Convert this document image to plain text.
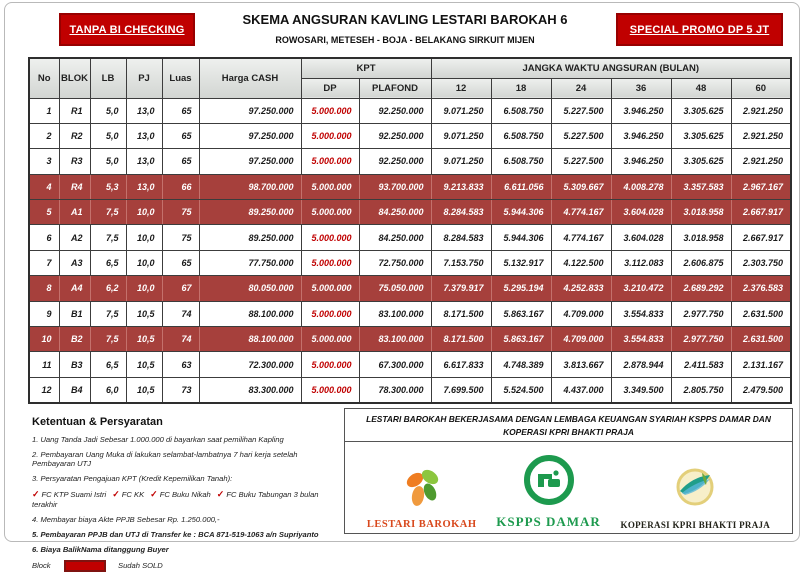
TANPA BI CHECKING
SKEMA ANGSURAN KAVLING LESTARI BAROKAH 6
ROWOSARI, METESEH - BOJA - BELAKANG SIRKUIT MIJEN
SPECIAL PROMO DP 5 JT
No	BLOK	LB	PJ	Luas	Harga CASH	KPT		JANGKA WAKTU ANGSURAN (BULAN)					
						DP	PLAFOND	12	18	24	36	48	60
1	R1	5,0	13,0	65	97.250.000	5.000.000	92.250.000	9.071.250	6.508.750	5.227.500	3.946.250	3.305.625	2.921.250
2	R2	5,0	13,0	65	97.250.000	5.000.000	92.250.000	9.071.250	6.508.750	5.227.500	3.946.250	3.305.625	2.921.250
3	R3	5,0	13,0	65	97.250.000	5.000.000	92.250.000	9.071.250	6.508.750	5.227.500	3.946.250	3.305.625	2.921.250
4	R4	5,3	13,0	66	98.700.000	5.000.000	93.700.000	9.213.833	6.611.056	5.309.667	4.008.278	3.357.583	2.967.167
5	A1	7,5	10,0	75	89.250.000	5.000.000	84.250.000	8.284.583	5.944.306	4.774.167	3.604.028	3.018.958	2.667.917
6	A2	7,5	10,0	75	89.250.000	5.000.000	84.250.000	8.284.583	5.944.306	4.774.167	3.604.028	3.018.958	2.667.917
7	A3	6,5	10,0	65	77.750.000	5.000.000	72.750.000	7.153.750	5.132.917	4.122.500	3.112.083	2.606.875	2.303.750
8	A4	6,2	10,0	67	80.050.000	5.000.000	75.050.000	7.379.917	5.295.194	4.252.833	3.210.472	2.689.292	2.376.583
9	B1	7,5	10,5	74	88.100.000	5.000.000	83.100.000	8.171.500	5.863.167	4.709.000	3.554.833	2.977.750	2.631.500
10	B2	7,5	10,5	74	88.100.000	5.000.000	83.100.000	8.171.500	5.863.167	4.709.000	3.554.833	2.977.750	2.631.500
11	B3	6,5	10,5	63	72.300.000	5.000.000	67.300.000	6.617.833	4.748.389	3.813.667	2.878.944	2.411.583	2.131.167
12	B4	6,0	10,5	73	83.300.000	5.000.000	78.300.000	7.699.500	5.524.500	4.437.000	3.349.500	2.805.750	2.479.500
Ketentuan & Persyaratan
1. Uang Tanda Jadi Sebesar 1.000.000 di bayarkan saat pemilihan Kapling
2. Pembayaran Uang Muka di lakukan selambat-lambatnya 7 hari kerja setelah Pembayaran UTJ
3. Persyaratan Pengajuan KPT (Kredit Kepemilikan Tanah):
✓ FC KTP Suami Istri ✓ FC KK ✓ FC Buku Nikah ✓ FC Buku Tabungan 3 bulan terakhir
4. Membayar biaya Akte PPJB Sebesar Rp. 1.250.000,-
5. Pembayaran PPJB dan UTJ di Transfer ke : BCA 871-519-1063 a/n Supriyanto
6. Biaya BalikNama ditanggung Buyer
Block	Sudah SOLD
LESTARI BAROKAH BEKERJASAMA DENGAN LEMBAGA KEUANGAN SYARIAH KSPPS DAMAR DAN KOPERASI KPRI BHAKTI PRAJA
LESTARI BAROKAH KSPPS DAMAR KOPERASI KPRI BHAKTI PRAJA
